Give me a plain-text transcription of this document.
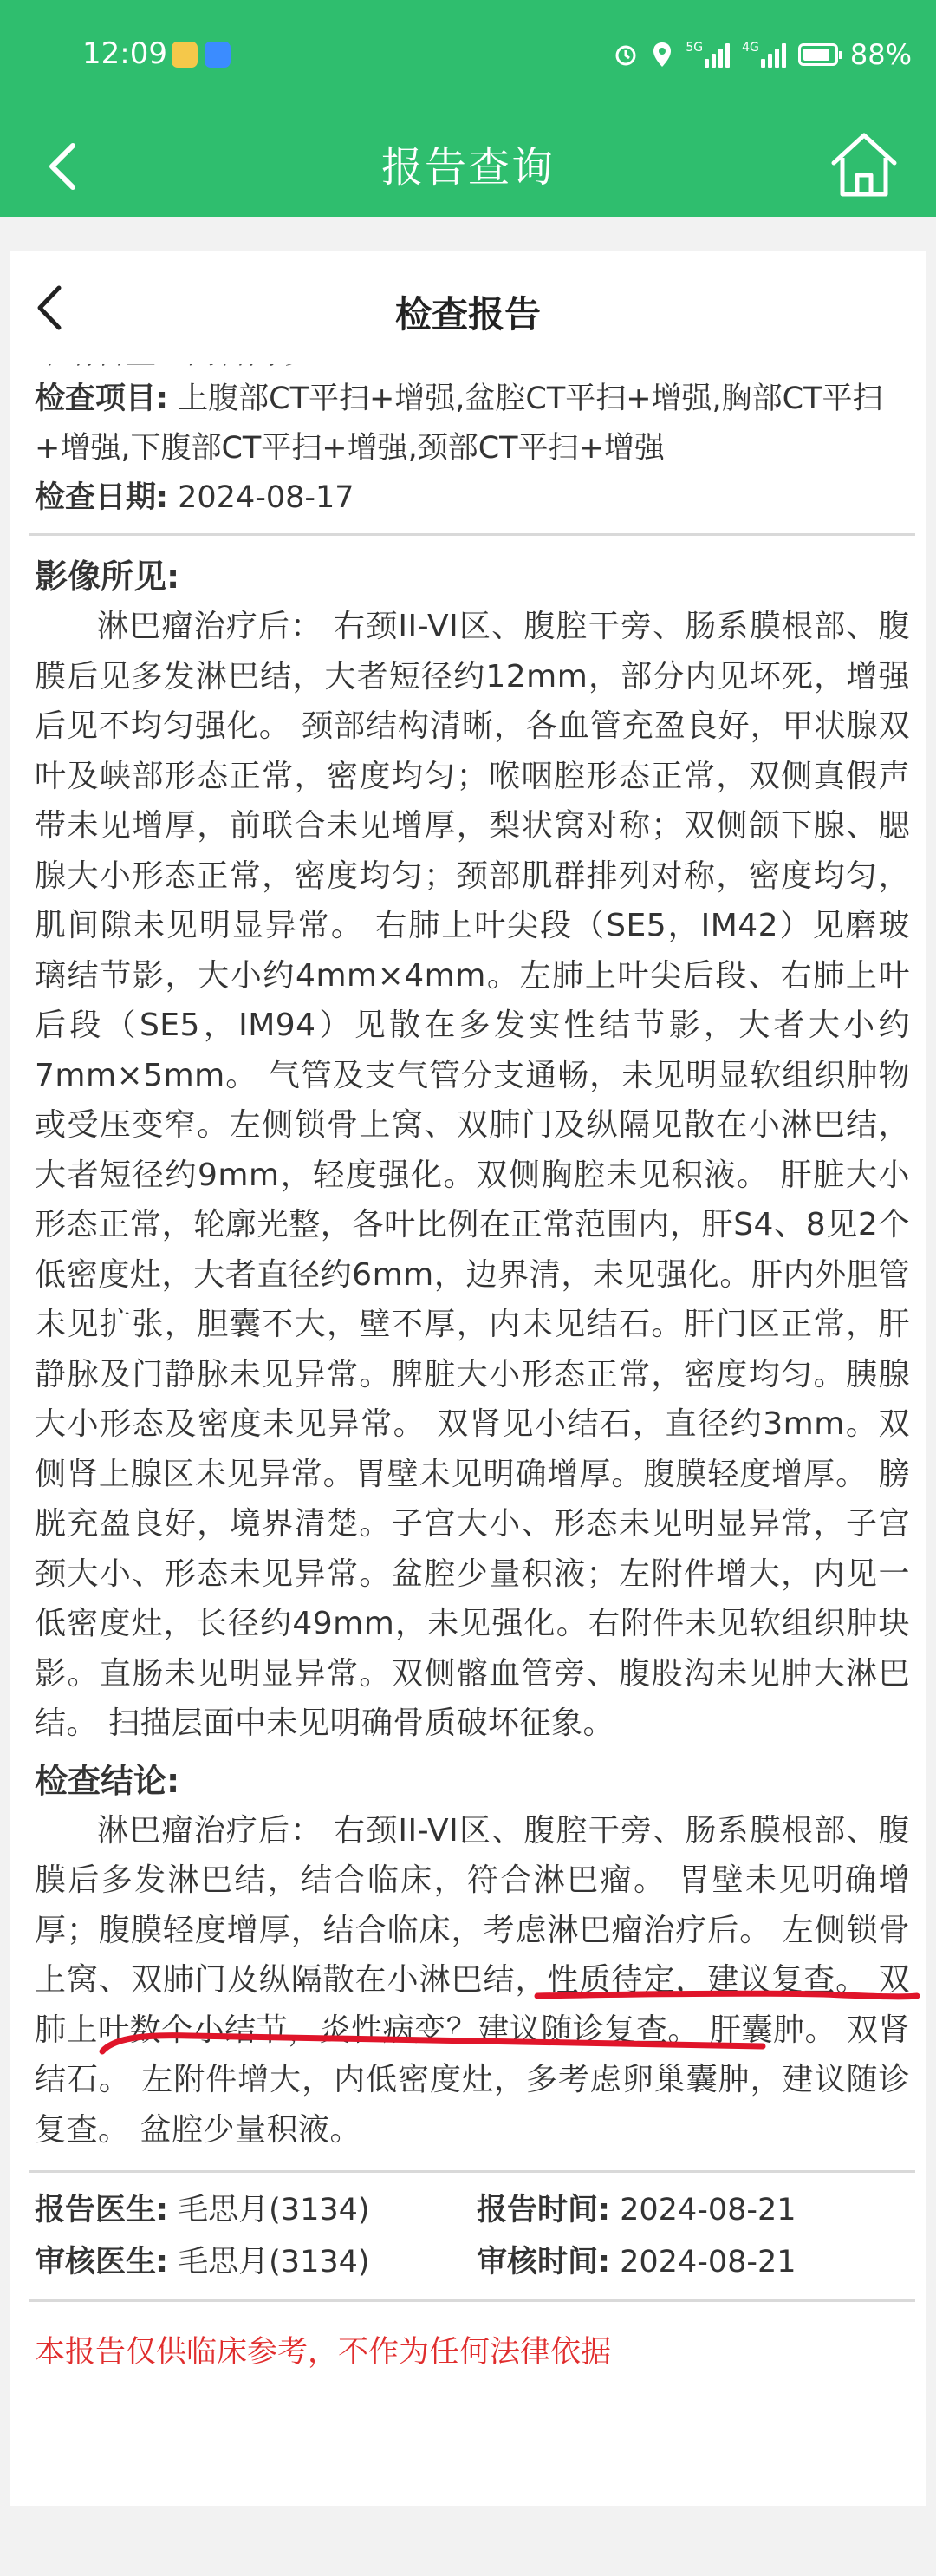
12:09	5G	4G	88%
报告查询
检查报告
检查项目: 上腹部CT平扫+增强,盆腔CT平扫+增强,胸部CT平扫+增强,下腹部CT平扫+增强,颈部CT平扫+增强
检查日期: 2024-08-17
影像所见:
淋巴瘤治疗后： 右颈II-VI区、腹腔干旁、肠系膜根部、腹膜后见多发淋巴结，大者短径约12mm，部分内见坏死，增强后见不均匀强化。 颈部结构清晰，各血管充盈良好，甲状腺双叶及峡部形态正常，密度均匀；喉咽腔形态正常，双侧真假声带未见增厚，前联合未见增厚，梨状窝对称；双侧颌下腺、腮腺大小形态正常，密度均匀；颈部肌群排列对称，密度均匀，肌间隙未见明显异常。 右肺上叶尖段（SE5，IM42）见磨玻璃结节影，大小约4mm×4mm。左肺上叶尖后段、右肺上叶后段（SE5，IM94）见散在多发实性结节影，大者大小约7mm×5mm。 气管及支气管分支通畅，未见明显软组织肿物或受压变窄。左侧锁骨上窝、双肺门及纵隔见散在小淋巴结，大者短径约9mm，轻度强化。双侧胸腔未见积液。 肝脏大小形态正常，轮廓光整，各叶比例在正常范围内，肝S4、8见2个低密度灶，大者直径约6mm，边界清，未见强化。肝内外胆管未见扩张，胆囊不大，壁不厚，内未见结石。肝门区正常，肝静脉及门静脉未见异常。脾脏大小形态正常，密度均匀。胰腺大小形态及密度未见异常。 双肾见小结石，直径约3mm。双侧肾上腺区未见异常。胃壁未见明确增厚。腹膜轻度增厚。 膀胱充盈良好，境界清楚。子宫大小、形态未见明显异常，子宫颈大小、形态未见异常。盆腔少量积液；左附件增大，内见一低密度灶，长径约49mm，未见强化。右附件未见软组织肿块影。直肠未见明显异常。双侧髂血管旁、腹股沟未见肿大淋巴结。 扫描层面中未见明确骨质破坏征象。
检查结论:
淋巴瘤治疗后： 右颈II-VI区、腹腔干旁、肠系膜根部、腹膜后多发淋巴结，结合临床，符合淋巴瘤。 胃壁未见明确增厚；腹膜轻度增厚，结合临床，考虑淋巴瘤治疗后。 左侧锁骨上窝、双肺门及纵隔散在小淋巴结，性质待定，建议复查。 双肺上叶数个小结节，炎性病变？建议随诊复查。 肝囊肿。 双肾结石。 左附件增大，内低密度灶，多考虑卵巢囊肿，建议随诊复查。 盆腔少量积液。
报告医生: 毛思月(3134)	报告时间: 2024-08-21
审核医生: 毛思月(3134)	审核时间: 2024-08-21
本报告仅供临床参考，不作为任何法律依据
